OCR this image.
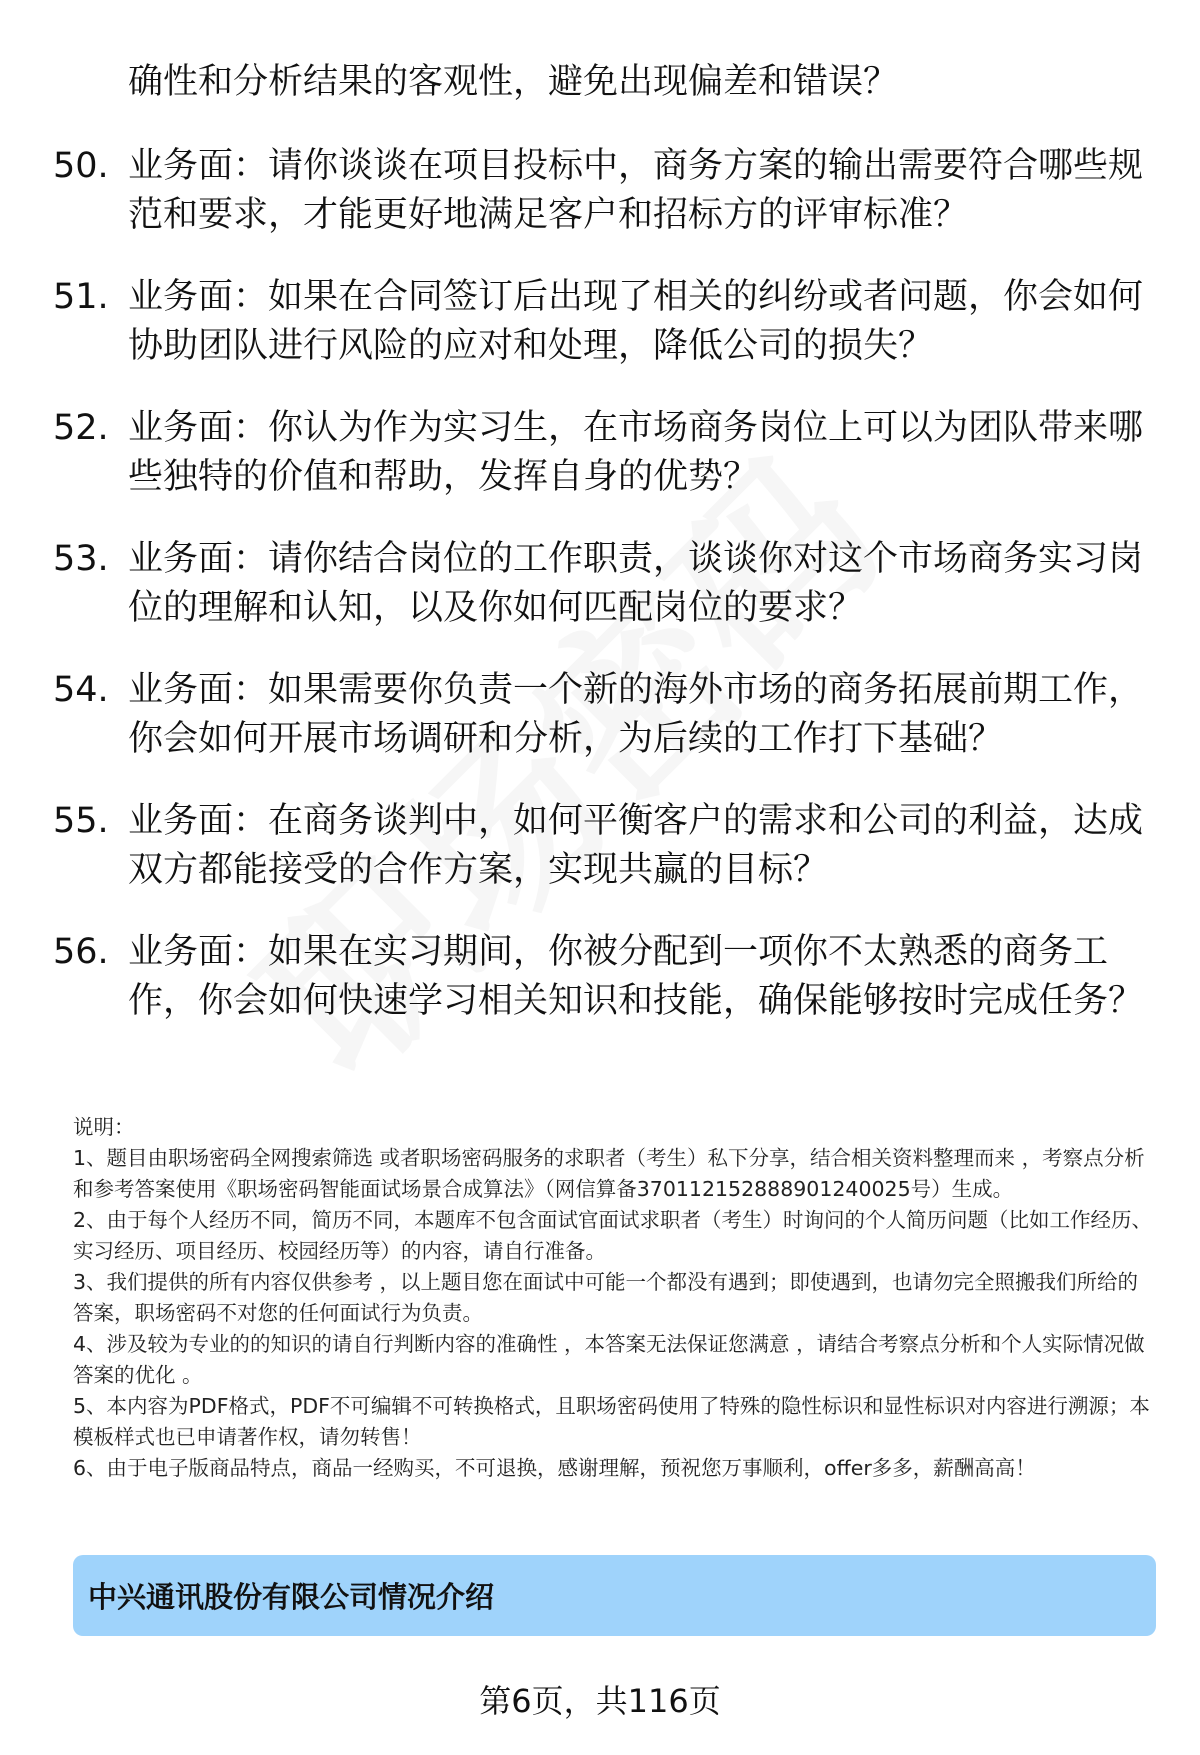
确性和分析结果的客观性，避免出现偏差和错误？
50. 业务面：请你谈谈在项目投标中，商务方案的输出需要符合哪些规范和要求，才能更好地满足客户和招标方的评审标准？
51. 业务面：如果在合同签订后出现了相关的纠纷或者问题，你会如何协助团队进行风险的应对和处理，降低公司的损失？
52. 业务面：你认为作为实习生，在市场商务岗位上可以为团队带来哪些独特的价值和帮助，发挥自身的优势？
53. 业务面：请你结合岗位的工作职责，谈谈你对这个市场商务实习岗位的理解和认知，以及你如何匹配岗位的要求？
54. 业务面：如果需要你负责一个新的海外市场的商务拓展前期工作，你会如何开展市场调研和分析，为后续的工作打下基础？
55. 业务面：在商务谈判中，如何平衡客户的需求和公司的利益，达成双方都能接受的合作方案，实现共赢的目标？
56. 业务面：如果在实习期间，你被分配到一项你不太熟悉的商务工作，你会如何快速学习相关知识和技能，确保能够按时完成任务？

说明：

1、题目由职场密码全网搜索筛选 或者职场密码服务的求职者（考生）私下分享，结合相关资料整理而来 ，考察点分析和参考答案使用《职场密码智能面试场景合成算法》（网信算备370112152888901240025号）生成。

2、由于每个人经历不同，简历不同，本题库不包含面试官面试求职者（考生）时询问的个人简历问题（比如工作经历、实习经历、项目经历、校园经历等）的内容，请自行准备。

3、我们提供的所有内容仅供参考 ，以上题目您在面试中可能一个都没有遇到；即使遇到，也请勿完全照搬我们所给的答案，职场密码不对您的任何面试行为负责。

4、涉及较为专业的的知识的请自行判断内容的准确性 ，本答案无法保证您满意 ，请结合考察点分析和个人实际情况做答案的优化 。

5、本内容为PDF格式，PDF不可编辑不可转换格式，且职场密码使用了特殊的隐性标识和显性标识对内容进行溯源；本模板样式也已申请著作权，请勿转售！

6、由于电子版商品特点，商品一经购买，不可退换，感谢理解，预祝您万事顺利，offer多多，薪酬高高！

中兴通讯股份有限公司情况介绍
第6页，共116页
